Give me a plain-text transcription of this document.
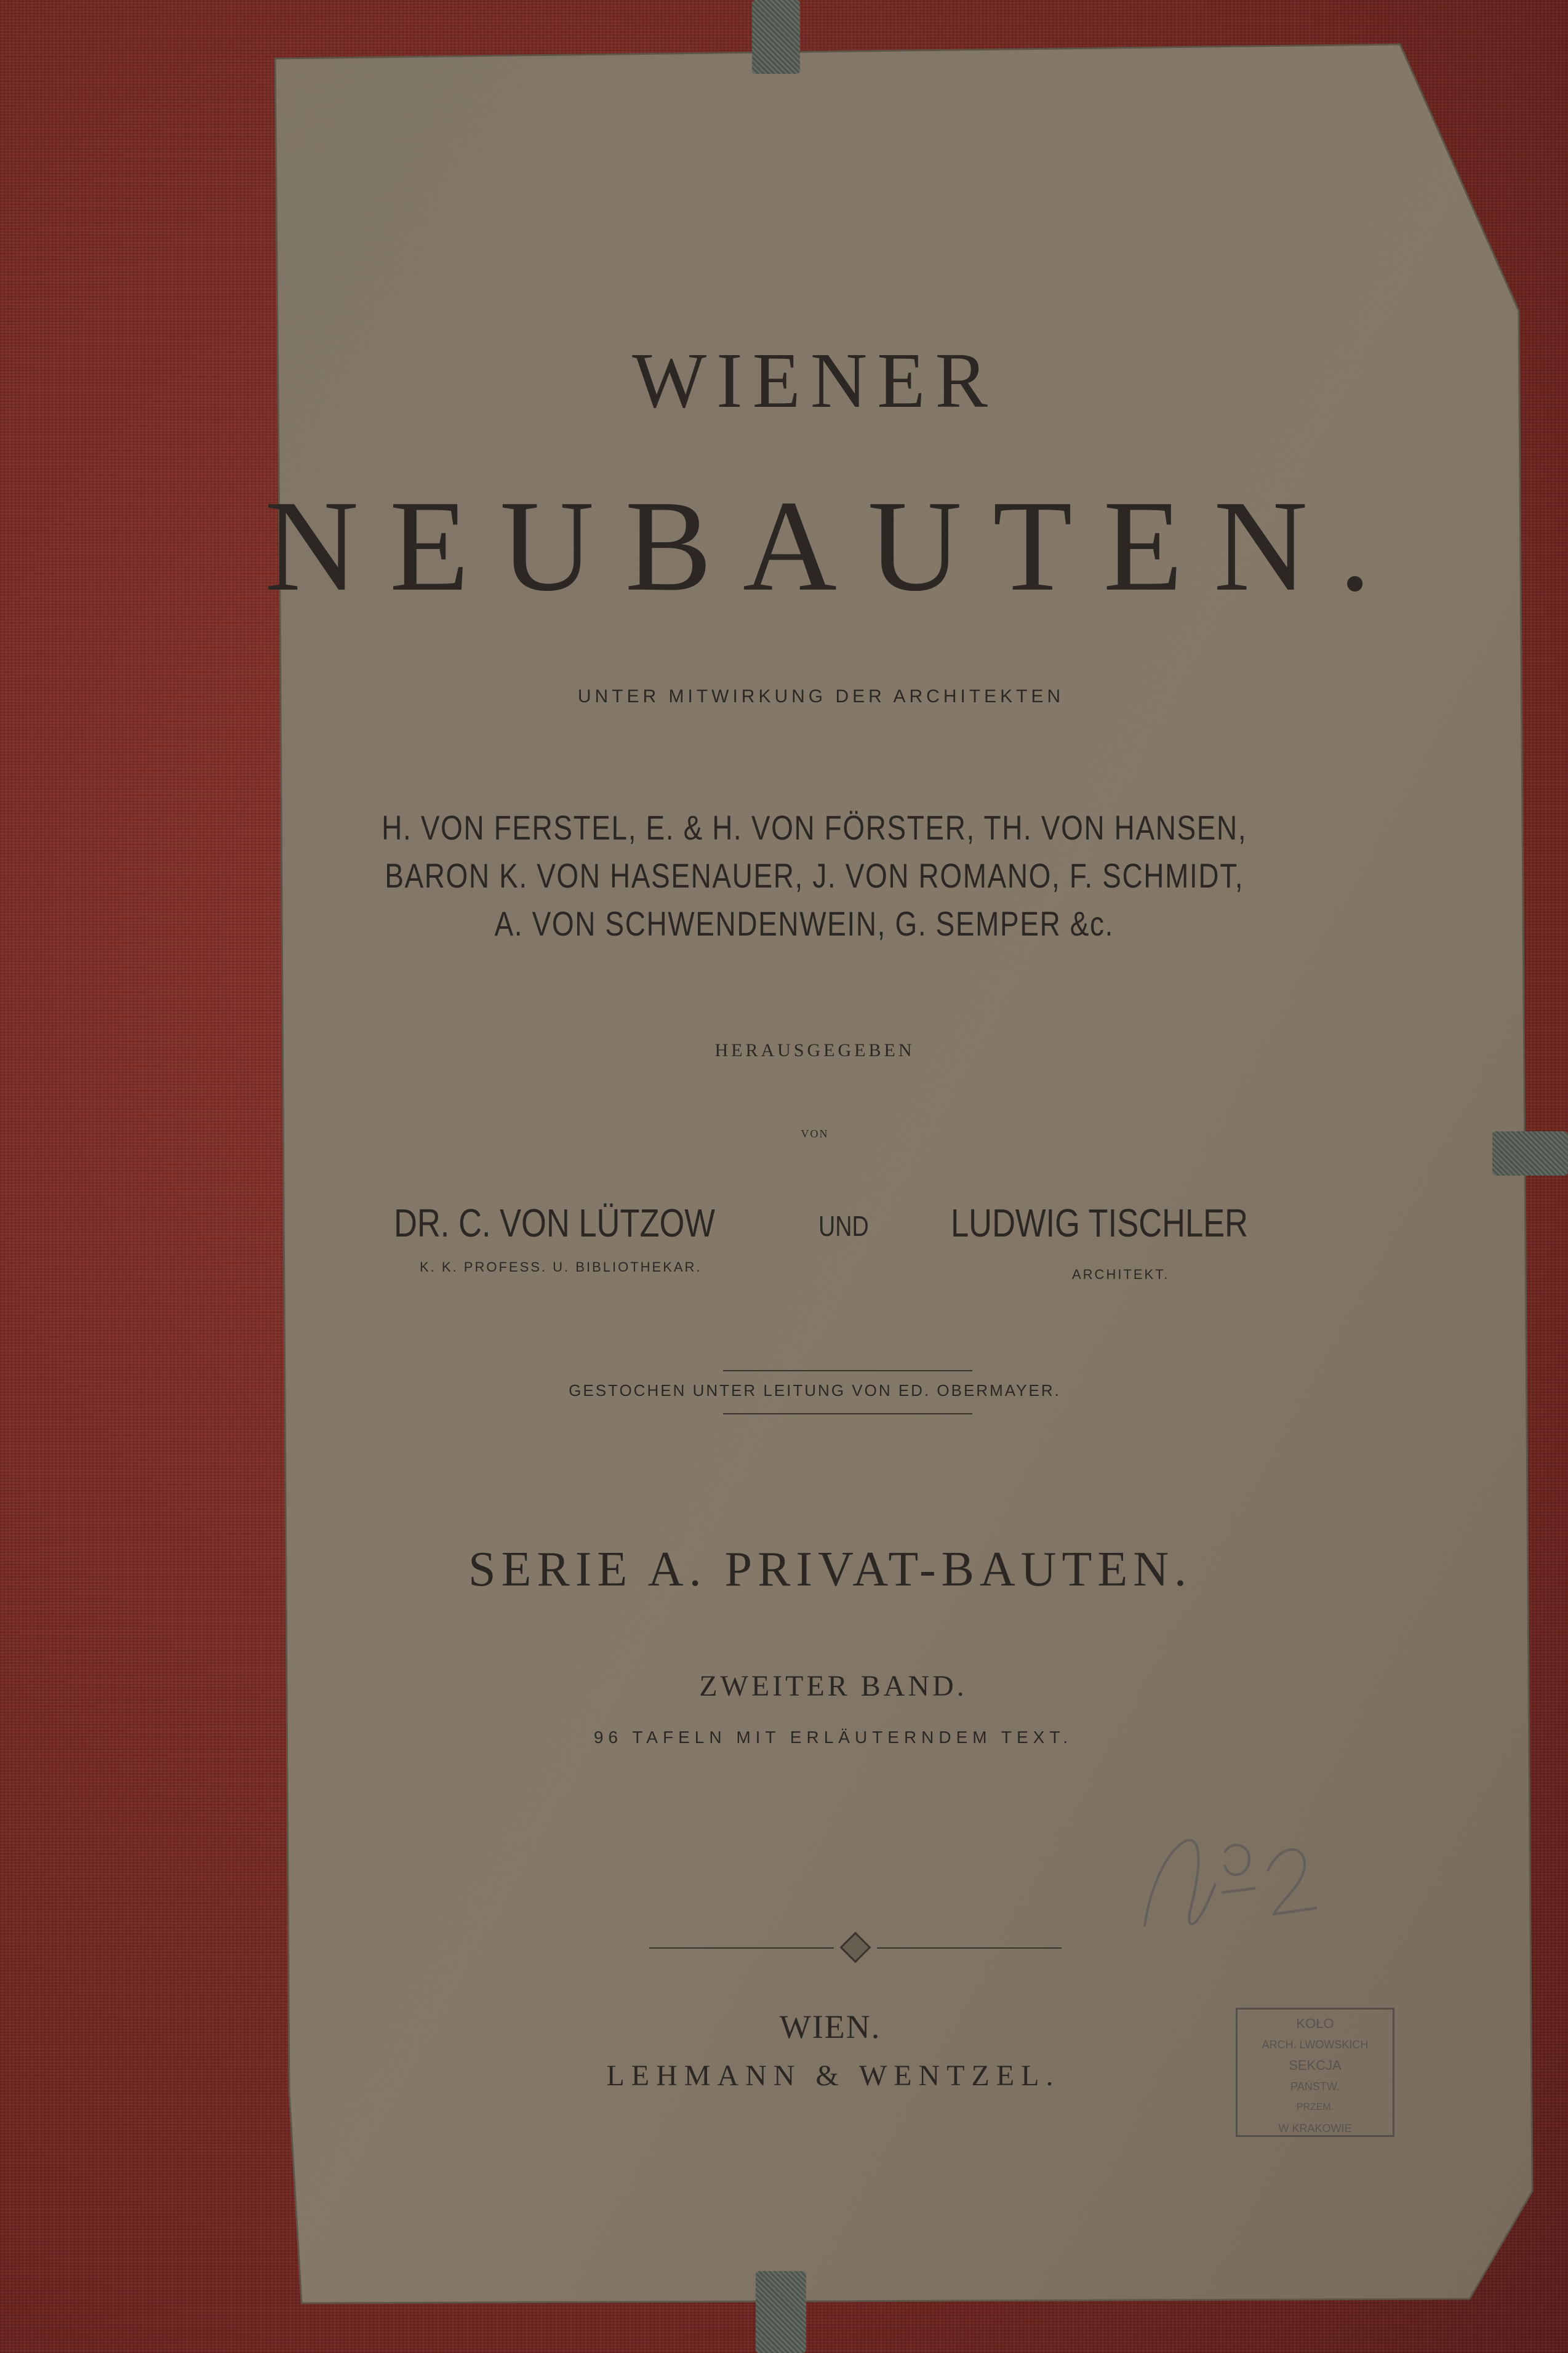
WIENER
NEUBAUTEN.
UNTER MITWIRKUNG DER ARCHITEKTEN
H. VON FERSTEL, E. & H. VON FÖRSTER, TH. VON HANSEN,
BARON K. VON HASENAUER, J. VON ROMANO, F. SCHMIDT,
A. VON SCHWENDENWEIN, G. SEMPER &c.
HERAUSGEGEBEN
VON
DR. C. VON LÜTZOW	UND LUDWIG TISCHLER
K. K. PROFESS. U. BIBLIOTHEKAR.	ARCHITEKT.
GESTOCHEN UNTER LEITUNG VON ED. OBERMAYER.
SERIE A. PRIVAT-BAUTEN.
ZWEITER BAND.
96 TAFELN MIT ERLÄUTERNDEM TEXT.
WIEN.
LEHMANN & WENTZEL.
KOŁO
ARCH. LWOWSKICH
SEKCJA
PAŃSTW.
PRZEM.
W KRAKOWIE
